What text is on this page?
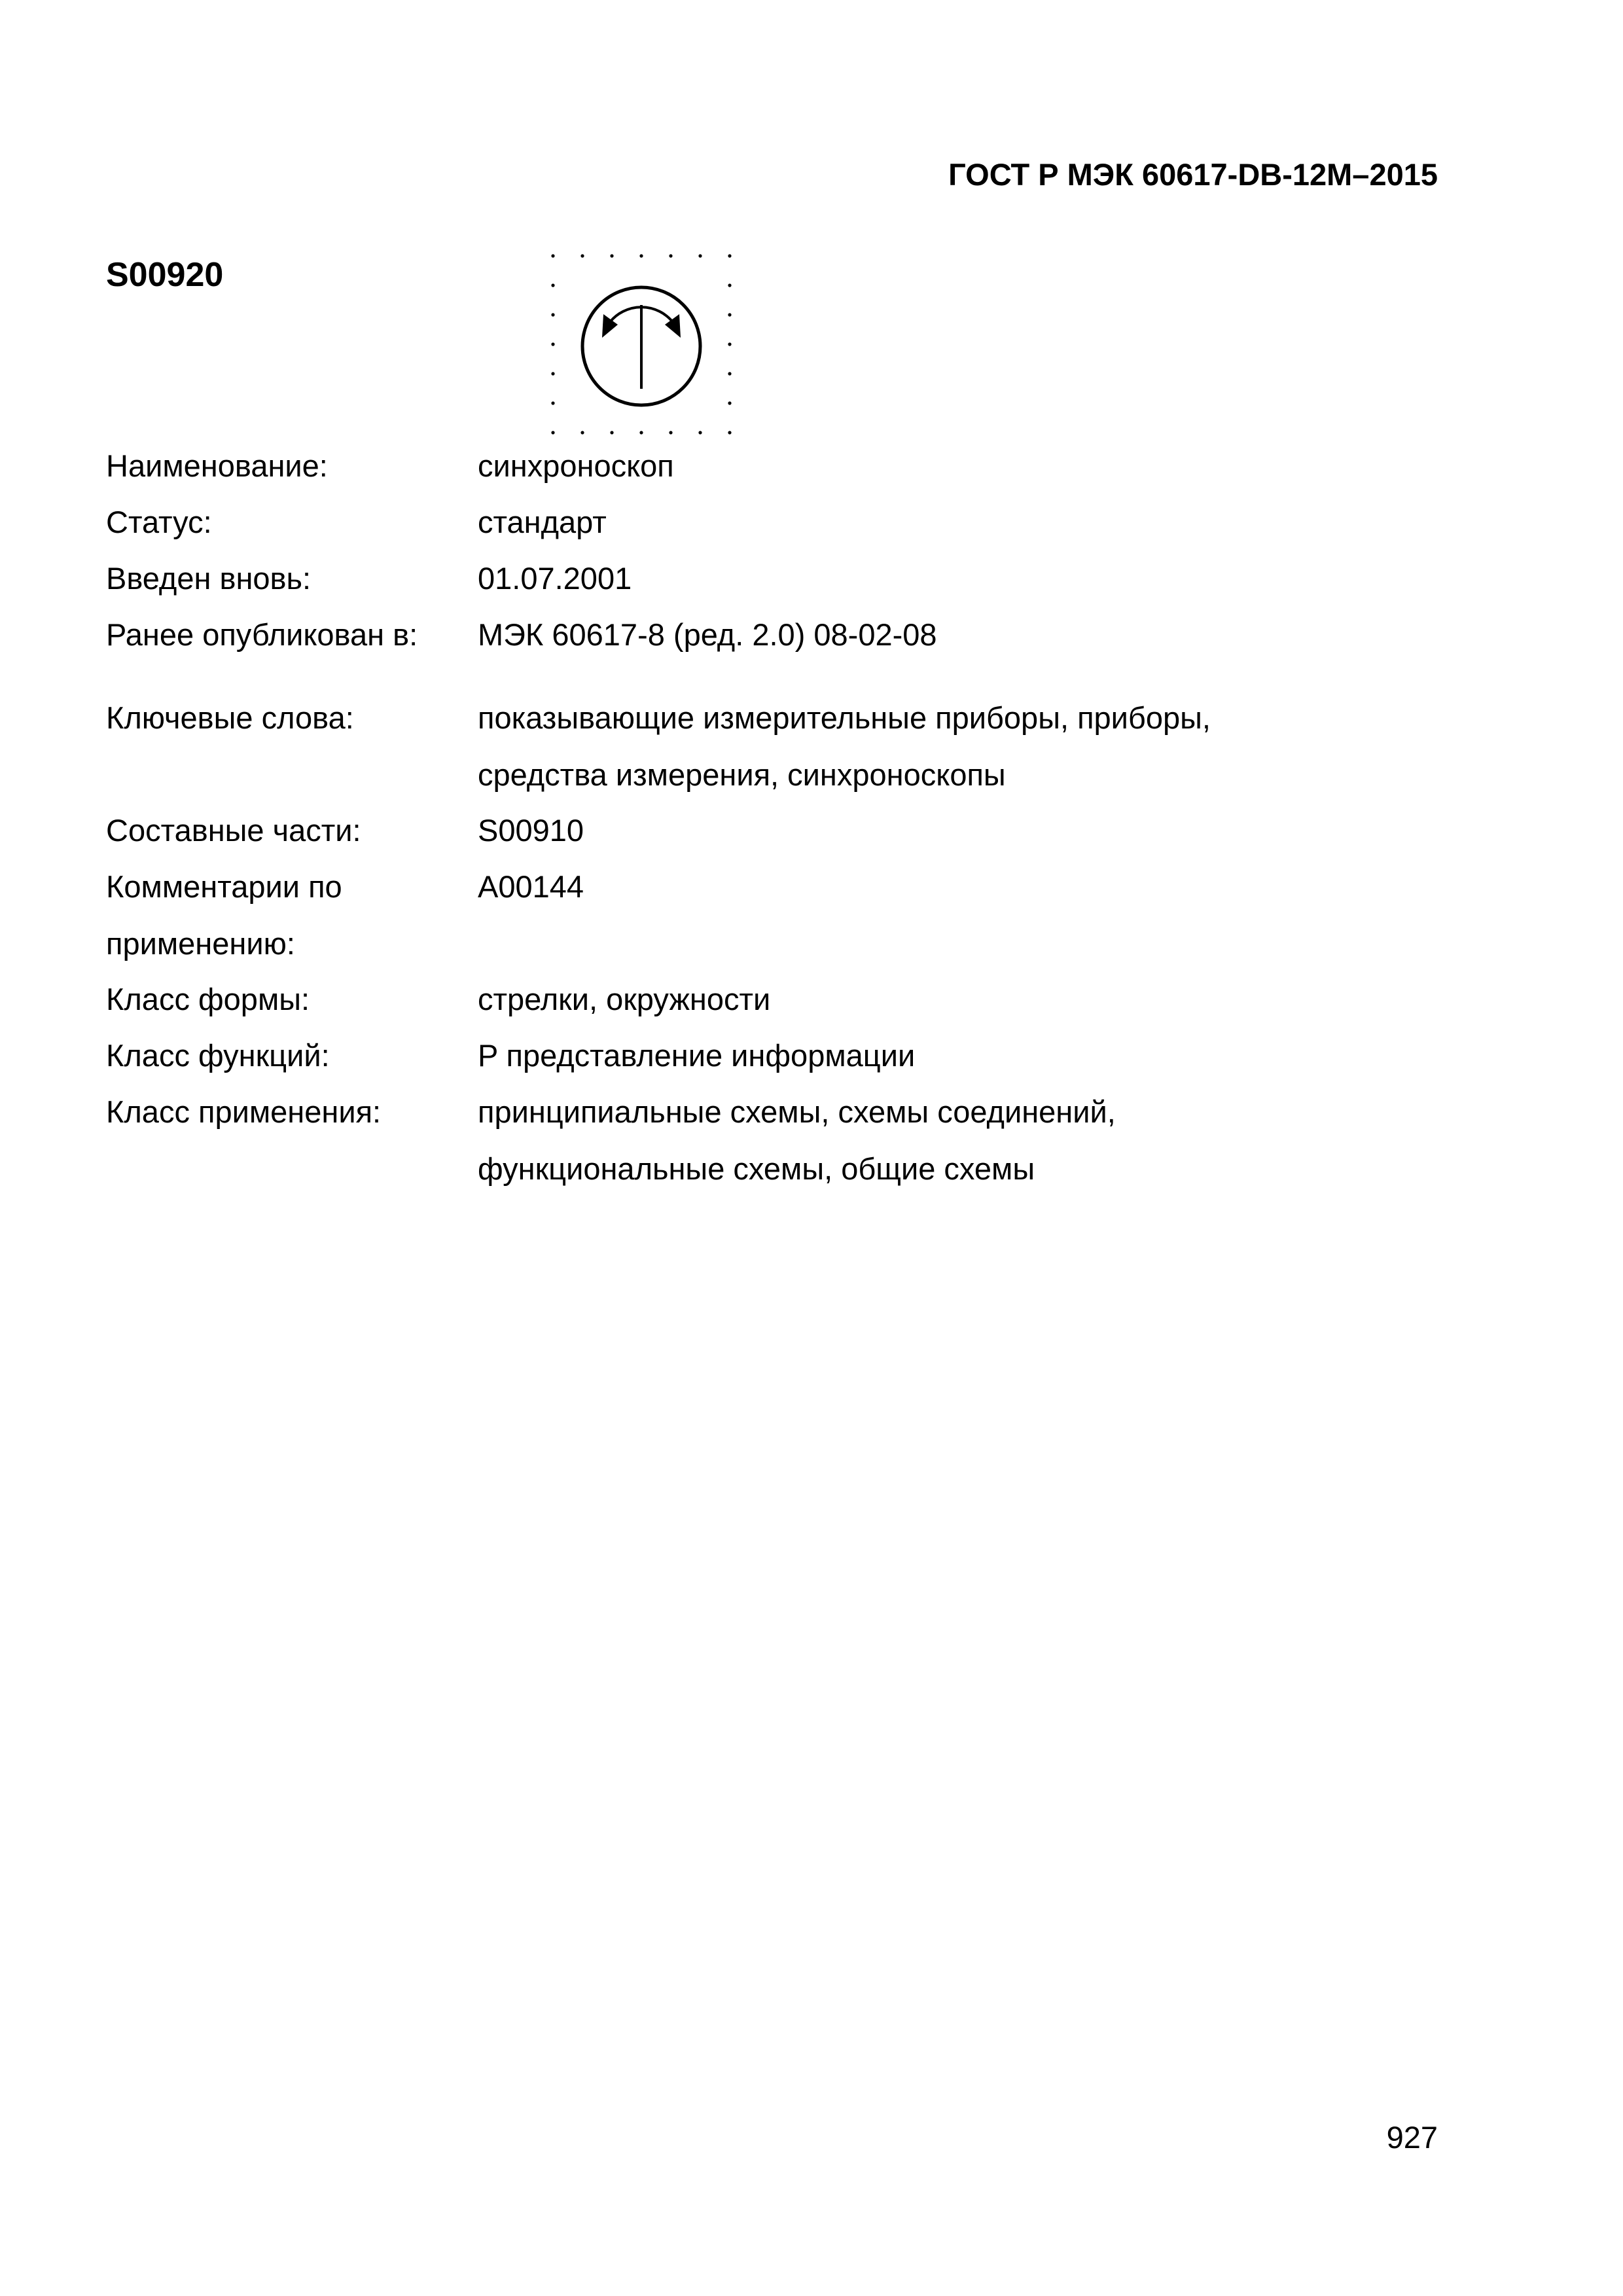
ГОСТ Р МЭК 60617-DB-12M–2015
S00920
Наименование:	синхроноскоп
Статус:	стандарт
Введен вновь:	01.07.2001
Ранее опубликован в:	МЭК 60617-8 (ред. 2.0) 08-02-08
Ключевые слова:	показывающие измерительные приборы, приборы, средства измерения, синхроноскопы
Составные части:	S00910
Комментарии по применению:
A00144
Класс формы:	стрелки, окружности
Класс функций:	P представление информации
Класс применения:	принципиальные схемы, схемы соединений, функциональные схемы, общие схемы
927
